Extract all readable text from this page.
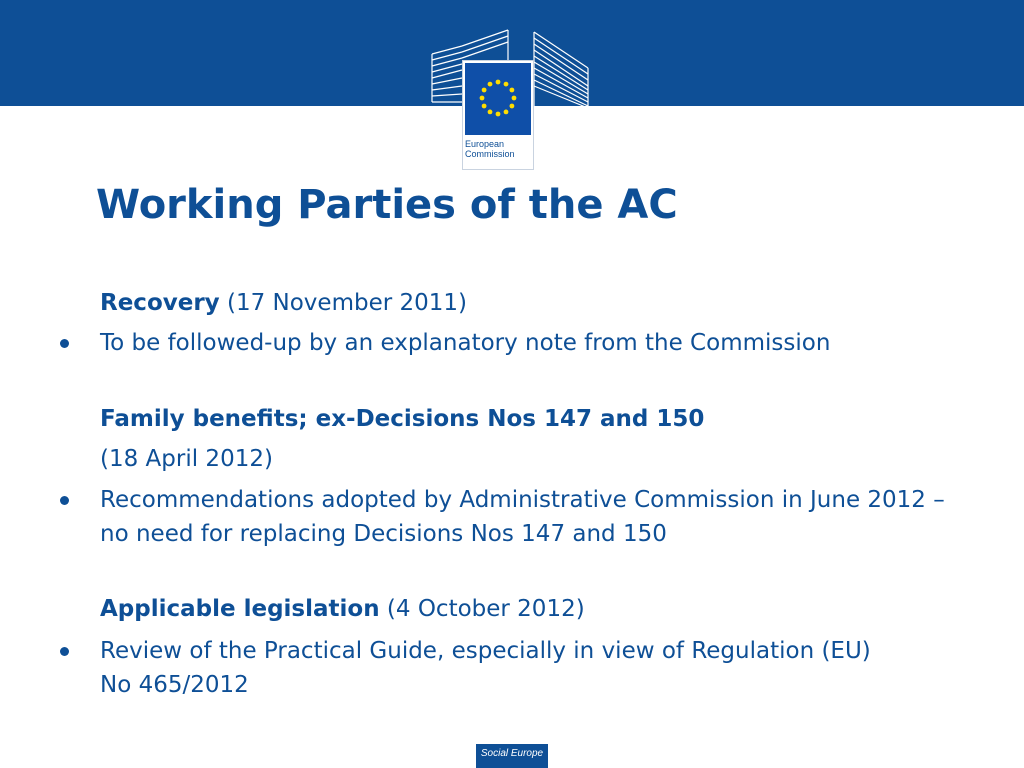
European
Commission
Working Parties of the AC
Recovery (17 November 2011)
To be followed-up by an explanatory note from the Commission
Family benefits; ex-Decisions Nos 147 and 150
(18 April 2012)
Recommendations adopted by Administrative Commission in June 2012 – no need for replacing Decisions Nos 147 and 150
Applicable legislation (4 October 2012)
Review of the Practical Guide, especially in view of Regulation (EU) No 465/2012
Social Europe
